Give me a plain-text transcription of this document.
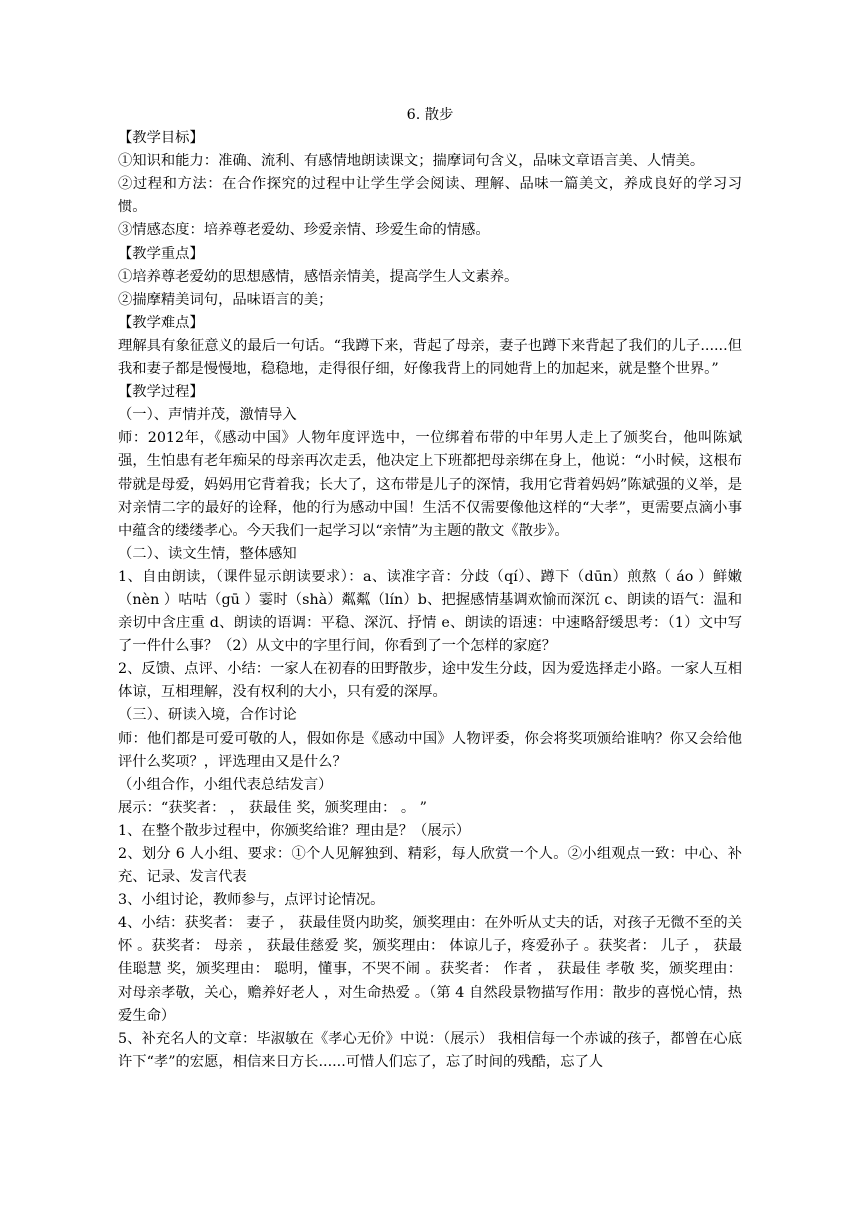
6. 散步

【教学目标】

①知识和能力：准确、流利、有感情地朗读课文；揣摩词句含义，品味文章语言美、人情美。

②过程和方法：在合作探究的过程中让学生学会阅读、理解、品味一篇美文，养成良好的学习习惯。

③情感态度：培养尊老爱幼、珍爱亲情、珍爱生命的情感。

【教学重点】

①培养尊老爱幼的思想感情，感悟亲情美，提高学生人文素养。

②揣摩精美词句，品味语言的美；

【教学难点】

理解具有象征意义的最后一句话。“我蹲下来，背起了母亲，妻子也蹲下来背起了我们的儿子......但我和妻子都是慢慢地，稳稳地，走得很仔细，好像我背上的同她背上的加起来，就是整个世界。”

【教学过程】

（一）、声情并茂，激情导入

师：2012年，《感动中国》人物年度评选中，一位绑着布带的中年男人走上了颁奖台，他叫陈斌强，生怕患有老年痴呆的母亲再次走丢，他决定上下班都把母亲绑在身上，他说：“小时候，这根布带就是母爱，妈妈用它背着我；长大了，这布带是儿子的深情，我用它背着妈妈”陈斌强的义举，是对亲情二字的最好的诠释，他的行为感动中国！生活不仅需要像他这样的“大孝”，更需要点滴小事中蕴含的缕缕孝心。今天我们一起学习以“亲情”为主题的散文《散步》。

（二）、读文生情，整体感知

1、自由朗读，（课件显示朗读要求）：a、读准字音：分歧（qí）、蹲下（dūn）煎熬（ áo ）鲜嫩（nèn ）咕咕（gū ）霎时（shà）粼粼（lín）b、把握感情基调欢愉而深沉 c、朗读的语气：温和亲切中含庄重 d、朗读的语调：平稳、深沉、抒情 e、朗读的语速：中速略舒缓思考：（1）文中写了一件什么事？（2）从文中的字里行间，你看到了一个怎样的家庭？

2、反馈、点评、小结：一家人在初春的田野散步，途中发生分歧，因为爱选择走小路。一家人互相体谅，互相理解，没有权利的大小，只有爱的深厚。

（三）、研读入境，合作讨论

师：他们都是可爱可敬的人，假如你是《感动中国》人物评委，你会将奖项颁给谁呐？你又会给他评什么奖项？，评选理由又是什么？

（小组合作，小组代表总结发言）

展示：“获奖者： ， 获最佳 奖，颁奖理由： 。 ”

1、在整个散步过程中，你颁奖给谁？理由是？（展示）

2、划分 6 人小组、要求：①个人见解独到、精彩，每人欣赏一个人。②小组观点一致：中心、补充、记录、发言代表

3、小组讨论，教师参与，点评讨论情况。

4、小结：获奖者： 妻子 ， 获最佳贤内助奖，颁奖理由：在外听从丈夫的话，对孩子无微不至的关怀 。获奖者： 母亲 ， 获最佳慈爱 奖，颁奖理由： 体谅儿子，疼爱孙子 。获奖者： 儿子 ， 获最佳聪慧 奖，颁奖理由： 聪明，懂事，不哭不闹 。获奖者： 作者 ， 获最佳 孝敬 奖，颁奖理由： 对母亲孝敬，关心，赡养好老人 ，对生命热爱 。（第 4 自然段景物描写作用：散步的喜悦心情，热爱生命）

5、补充名人的文章：毕淑敏在《孝心无价》中说：（展示） 我相信每一个赤诚的孩子，都曾在心底许下“孝”的宏愿，相信来日方长......可惜人们忘了，忘了时间的残酷，忘了人
